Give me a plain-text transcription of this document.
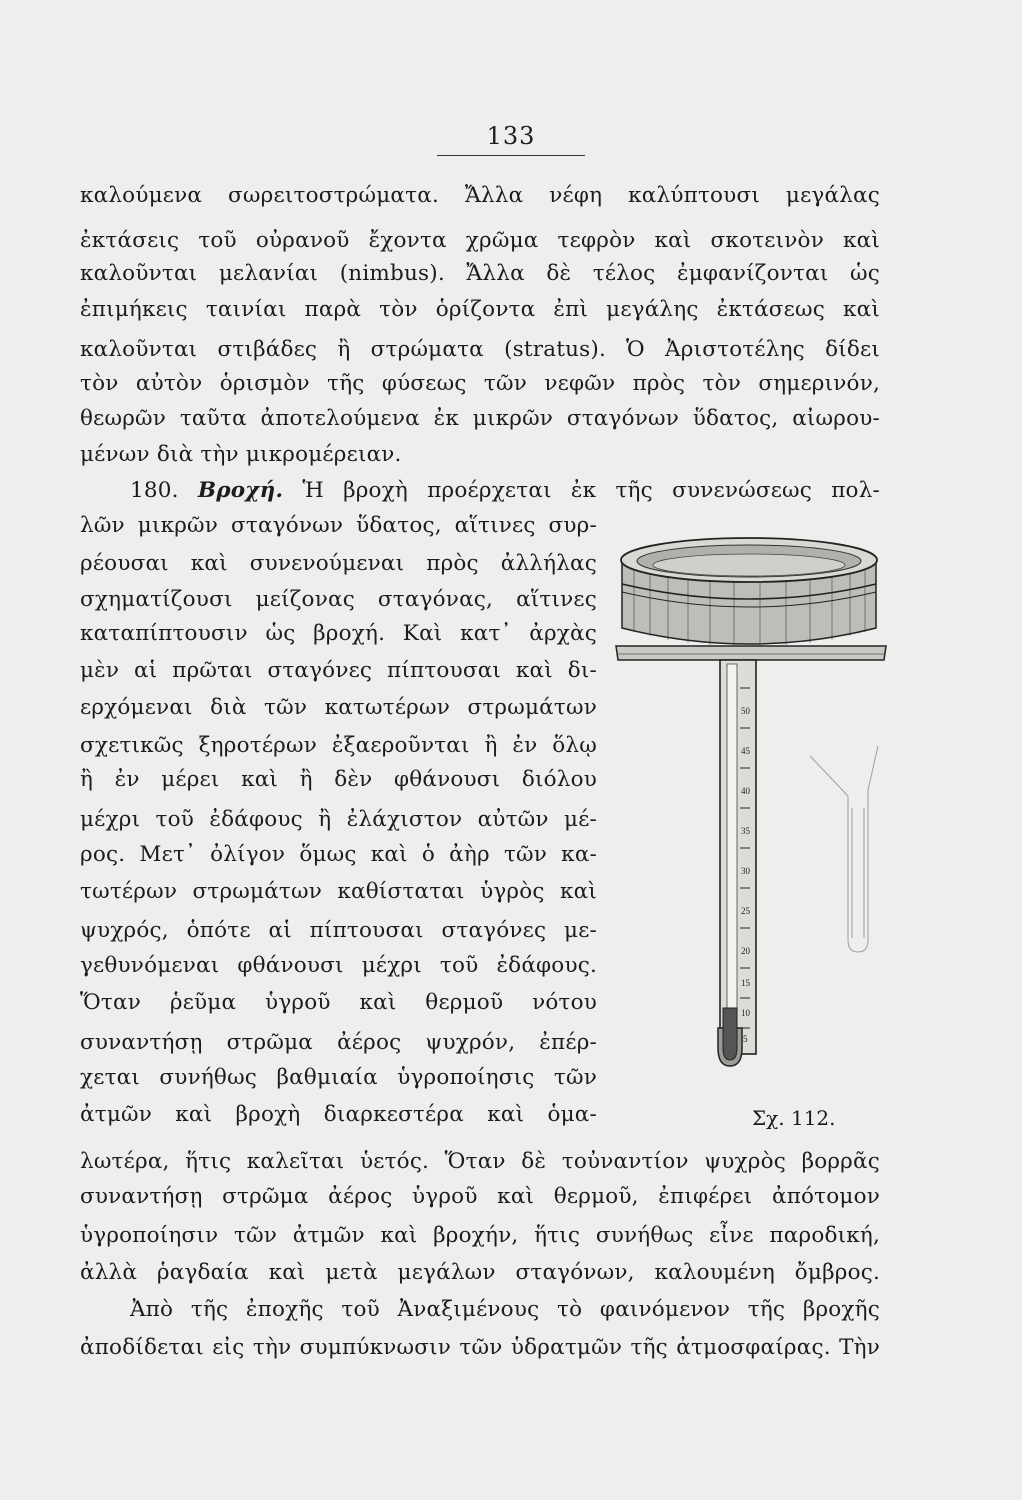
133
καλούμενα σωρειτοστρώματα. Ἄλλα νέφη καλύπτουσι μεγάλας
ἐκτάσεις τοῦ οὐρανοῦ ἔχοντα χρῶμα τεφρὸν καὶ σκοτεινὸν καὶ
καλοῦνται μελανίαι (nimbus). Ἄλλα δὲ τέλος ἐμφανίζονται ὡς
ἐπιμήκεις ταινίαι παρὰ τὸν ὁρίζοντα ἐπὶ μεγάλης ἐκτάσεως καὶ
καλοῦνται στιβάδες ἢ στρώματα (stratus). Ὁ Ἀριστοτέλης δίδει
τὸν αὐτὸν ὁρισμὸν τῆς φύσεως τῶν νεφῶν πρὸς τὸν σημερινόν,
θεωρῶν ταῦτα ἀποτελούμενα ἐκ μικρῶν σταγόνων ὕδατος, αἰωρου-
μένων διὰ τὴν μικρομέρειαν.
180. Βροχή. Ἡ βροχὴ προέρχεται ἐκ τῆς συνενώσεως πολ-
λῶν μικρῶν σταγόνων ὕδατος, αἵτινες συρ-
ρέουσαι καὶ συνενούμεναι πρὸς ἀλλήλας
σχηματίζουσι μείζονας σταγόνας, αἵτινες
καταπίπτουσιν ὡς βροχή. Καὶ κατ᾽ ἀρχὰς
μὲν αἱ πρῶται σταγόνες πίπτουσαι καὶ δι-
ερχόμεναι διὰ τῶν κατωτέρων στρωμάτων
σχετικῶς ξηροτέρων ἐξαεροῦνται ἢ ἐν ὅλῳ
ἢ ἐν μέρει καὶ ἢ δὲν φθάνουσι διόλου
μέχρι τοῦ ἐδάφους ἢ ἐλάχιστον αὐτῶν μέ-
ρος. Μετ᾽ ὀλίγον ὅμως καὶ ὁ ἀὴρ τῶν κα-
τωτέρων στρωμάτων καθίσταται ὑγρὸς καὶ
ψυχρός, ὁπότε αἱ πίπτουσαι σταγόνες με-
γεθυνόμεναι φθάνουσι μέχρι τοῦ ἐδάφους.
Ὅταν ῥεῦμα ὑγροῦ καὶ θερμοῦ νότου
συναντήσῃ στρῶμα ἀέρος ψυχρόν, ἐπέρ-
χεται συνήθως βαθμιαία ὑγροποίησις τῶν
ἀτμῶν καὶ βροχὴ διαρκεστέρα καὶ ὁμα-
50
45
40
35
30
25
20
15
10
5
Σχ. 112.
λωτέρα, ἥτις καλεῖται ὑετός. Ὅταν δὲ τοὐναντίον ψυχρὸς βορρᾶς
συναντήσῃ στρῶμα ἀέρος ὑγροῦ καὶ θερμοῦ, ἐπιφέρει ἀπότομον
ὑγροποίησιν τῶν ἀτμῶν καὶ βροχήν, ἥτις συνήθως εἶνε παροδική,
ἀλλὰ ῥαγδαία καὶ μετὰ μεγάλων σταγόνων, καλουμένη ὄμβρος.
Ἀπὸ τῆς ἐποχῆς τοῦ Ἀναξιμένους τὸ φαινόμενον τῆς βροχῆς
ἀποδίδεται εἰς τὴν συμπύκνωσιν τῶν ὑδρατμῶν τῆς ἀτμοσφαίρας. Τὴν
